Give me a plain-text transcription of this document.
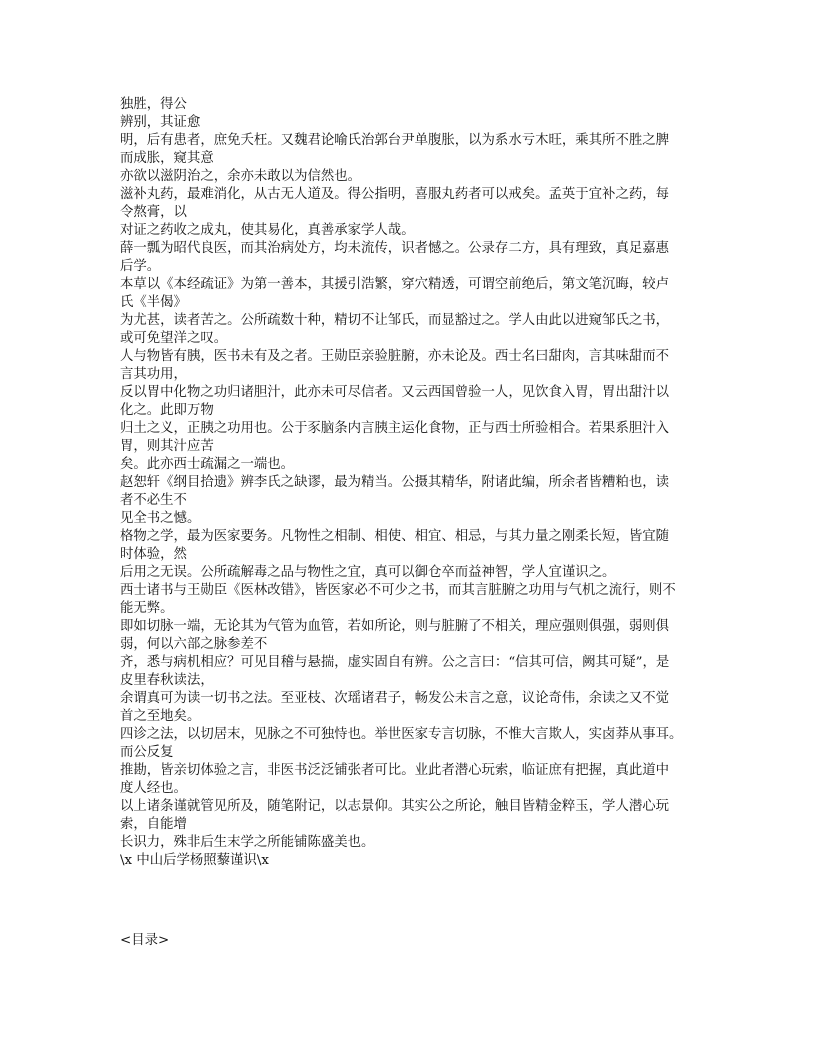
独胜，得公
辨别，其证愈
明，后有患者，庶免夭枉。又魏君论喻氏治郭台尹单腹胀，以为系水亏木旺，乘其所不胜之脾
而成胀，窥其意
亦欲以滋阴治之，余亦未敢以为信然也。
滋补丸药，最难消化，从古无人道及。得公指明，喜服丸药者可以戒矣。孟英于宜补之药，每
令熬膏，以
对证之药收之成丸，使其易化，真善承家学人哉。
薛一瓢为昭代良医，而其治病处方，均未流传，识者憾之。公录存二方，具有理致，真足嘉惠
后学。
本草以《本经疏证》为第一善本，其援引浩繁，穿穴精透，可谓空前绝后，第文笔沉晦，较卢
氏《半偈》
为尤甚，读者苦之。公所疏数十种，精切不让邹氏，而显豁过之。学人由此以进窥邹氏之书，
或可免望洋之叹。
人与物皆有胰，医书未有及之者。王勋臣亲验脏腑，亦未论及。西士名曰甜肉，言其味甜而不
言其功用，
反以胃中化物之功归诸胆汁，此亦未可尽信者。又云西国曾验一人，见饮食入胃，胃出甜汁以
化之。此即万物
归土之义，正胰之功用也。公于豕脑条内言胰主运化食物，正与西士所验相合。若果系胆汁入
胃，则其汁应苦
矣。此亦西士疏漏之一端也。
赵恕轩《纲目拾遗》辨李氏之缺谬，最为精当。公摄其精华，附诸此编，所余者皆糟粕也，读
者不必生不
见全书之憾。
格物之学，最为医家要务。凡物性之相制、相使、相宜、相忌，与其力量之刚柔长短，皆宜随
时体验，然
后用之无误。公所疏解毒之品与物性之宜，真可以御仓卒而益神智，学人宜谨识之。
西士诸书与王勋臣《医林改错》，皆医家必不可少之书，而其言脏腑之功用与气机之流行，则不
能无弊。
即如切脉一端，无论其为气管为血管，若如所论，则与脏腑了不相关，理应强则俱强，弱则俱
弱，何以六部之脉参差不
齐，悉与病机相应？可见目稽与悬揣，虚实固自有辨。公之言曰：“信其可信，阙其可疑”，是
皮里春秋读法，
余谓真可为读一切书之法。至亚枝、次瑶诸君子，畅发公未言之意，议论奇伟，余读之又不觉
首之至地矣。
四诊之法，以切居末，见脉之不可独恃也。举世医家专言切脉，不惟大言欺人，实卤莽从事耳。
而公反复
推勘，皆亲切体验之言，非医书泛泛铺张者可比。业此者潜心玩索，临证庶有把握，真此道中
度人经也。
以上诸条谨就管见所及，随笔附记，以志景仰。其实公之所论，触目皆精金粹玉，学人潜心玩
索，自能增
长识力，殊非后生末学之所能铺陈盛美也。
\x 中山后学杨照藜谨识\x
<目录>
